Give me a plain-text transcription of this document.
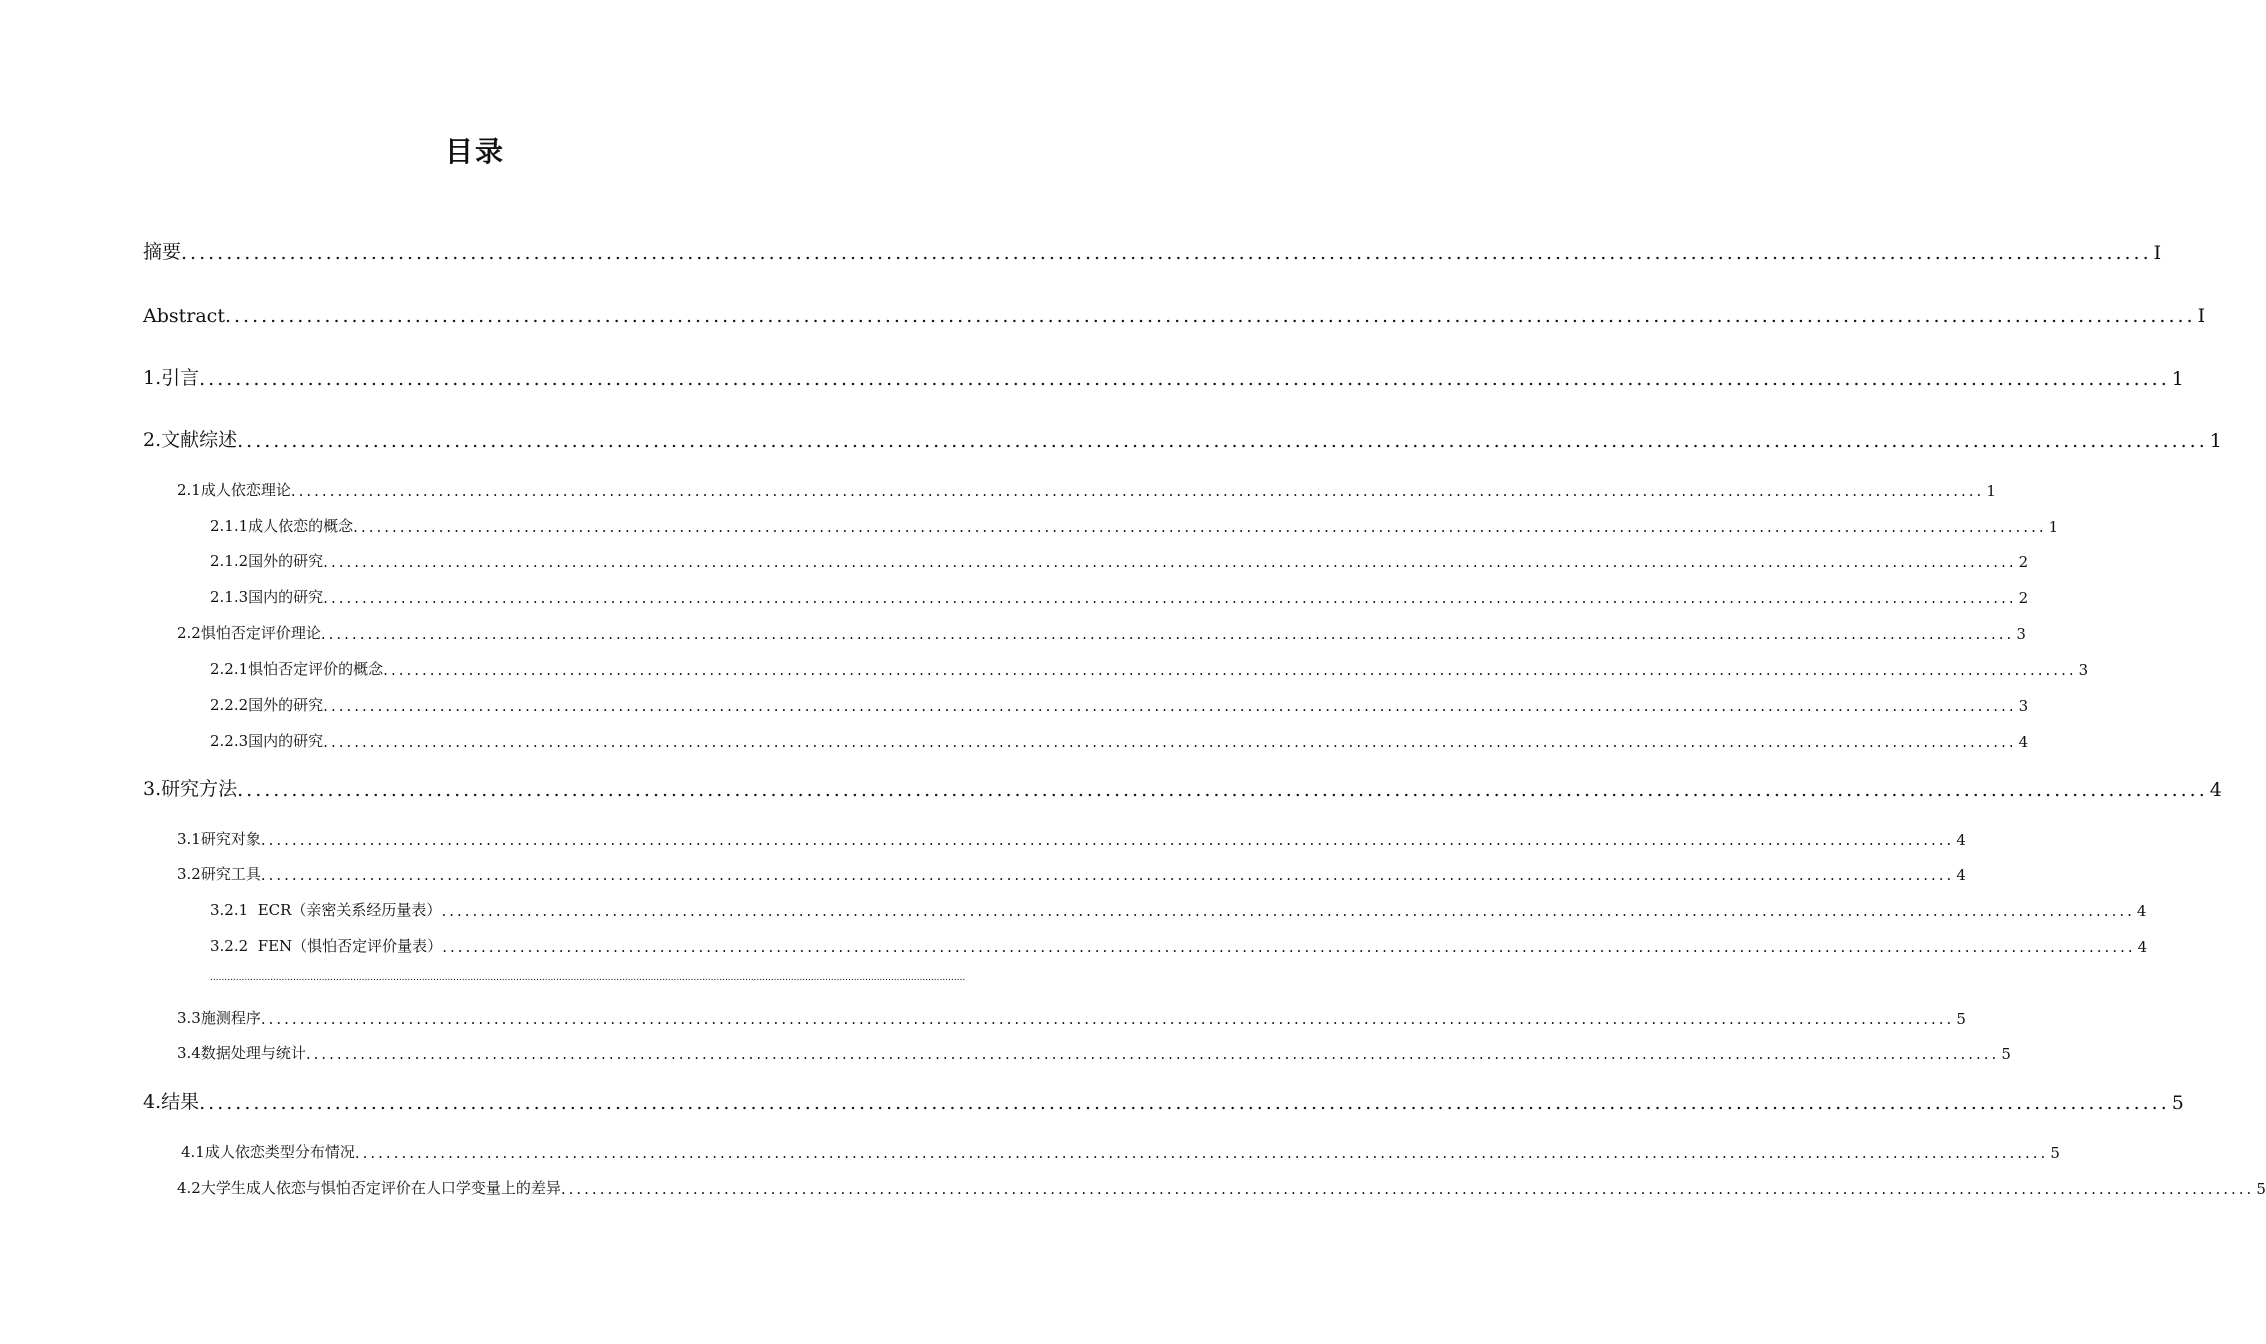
目录
摘要 .......................................................................................................................................................................................................................... I
Abstract .......................................................................................................................................................................................................................... I
1.引言 .......................................................................................................................................................................................................................... 1
2.文献综述 .......................................................................................................................................................................................................................... 1
2.1成人依恋理论 .......................................................................................................................................................................................................................... 1
2.1.1成人依恋的概念 .......................................................................................................................................................................................................................... 1
2.1.2国外的研究 .......................................................................................................................................................................................................................... 2
2.1.3国内的研究 .......................................................................................................................................................................................................................... 2
2.2惧怕否定评价理论 .......................................................................................................................................................................................................................... 3
2.2.1惧怕否定评价的概念 .......................................................................................................................................................................................................................... 3
2.2.2国外的研究 .......................................................................................................................................................................................................................... 3
2.2.3国内的研究 .......................................................................................................................................................................................................................... 4
3.研究方法 .......................................................................................................................................................................................................................... 4
3.1研究对象 .......................................................................................................................................................................................................................... 4
3.2研究工具 .......................................................................................................................................................................................................................... 4
3.2.1  ECR（亲密关系经历量表） .......................................................................................................................................................................................................................... 4
3.2.2  FEN（惧怕否定评价量表） .......................................................................................................................................................................................................................... 4
........................................................................................................................................................................................................................................................................
3.3施测程序 .......................................................................................................................................................................................................................... 5
3.4数据处理与统计 .......................................................................................................................................................................................................................... 5
4.结果 .......................................................................................................................................................................................................................... 5
4.1成人依恋类型分布情况 .......................................................................................................................................................................................................................... 5
4.2大学生成人依恋与惧怕否定评价在人口学变量上的差异 .......................................................................................................................................................................................................................... 5
